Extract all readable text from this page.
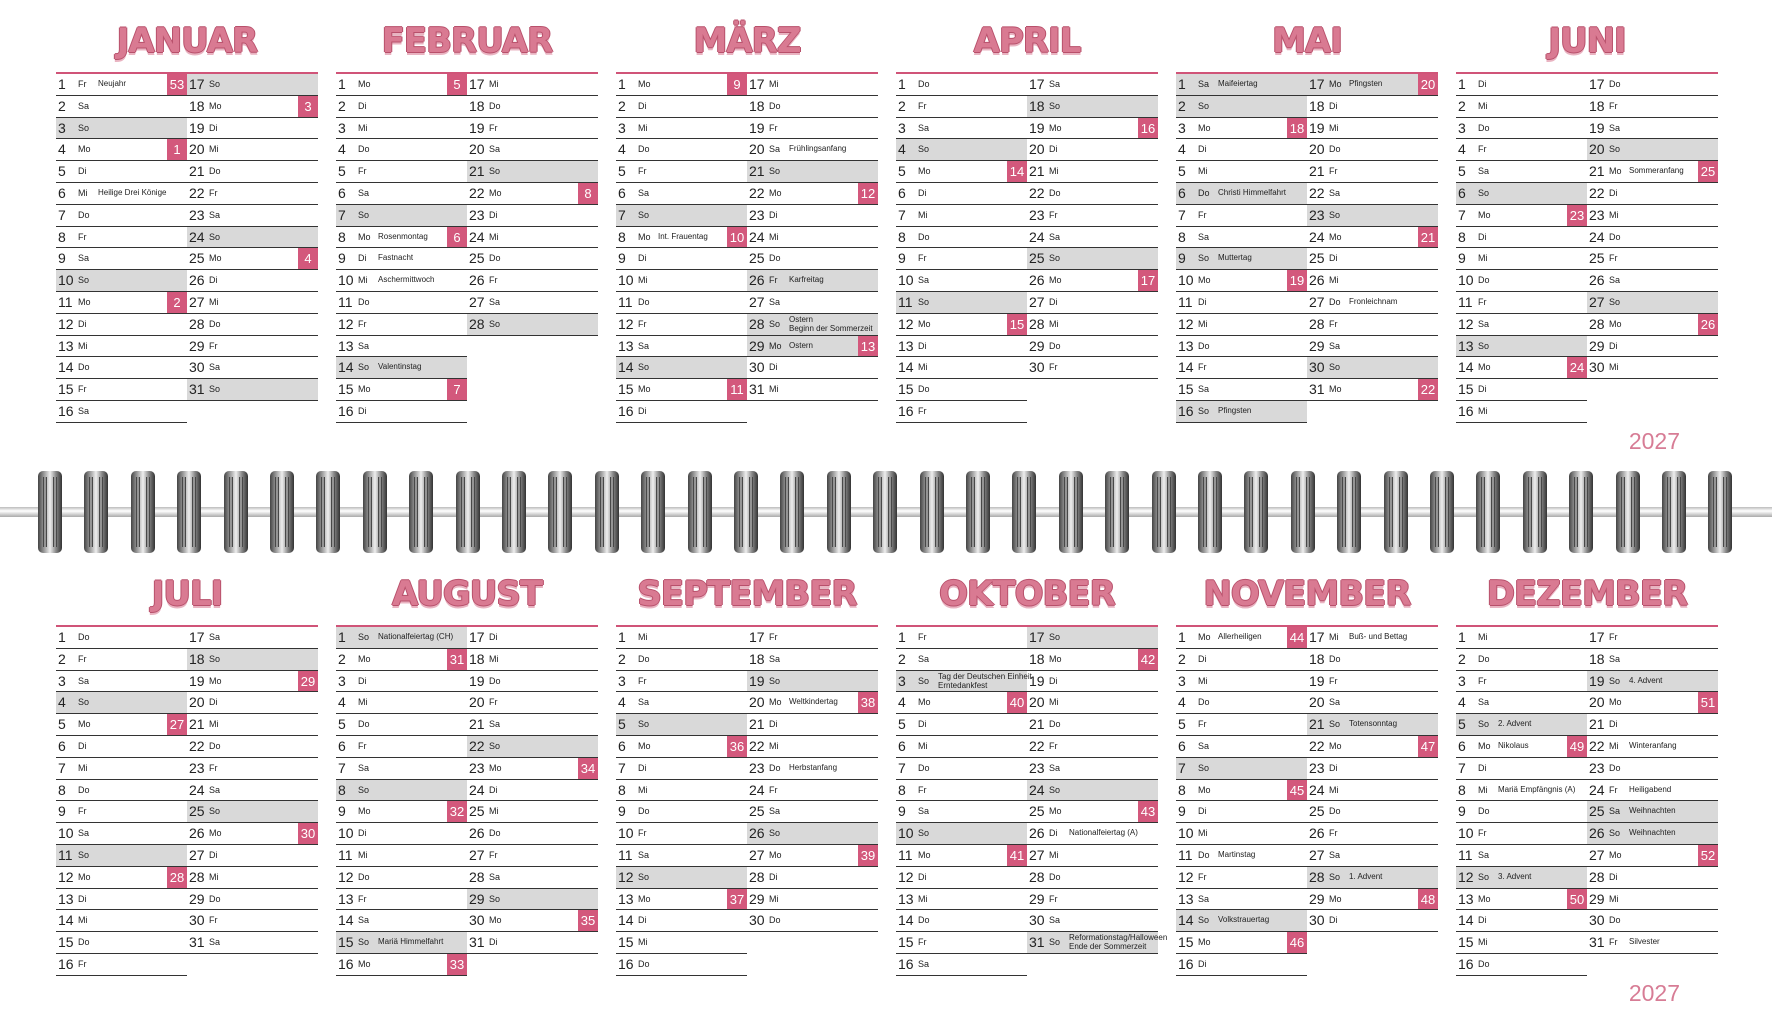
JANUAR
1 Fr Neujahr	53
2 Sa
3 So
4 Mo	1
5 Di
6 Mi Heilige Drei Könige
7 Do
8 Fr
9 Sa
10 So
11 Mo	2
12 Di
13 Mi
14 Do
15 Fr
16 Sa
17 So
18 Mo	3
19 Di
20 Mi
21 Do
22 Fr
23 Sa
24 So
25 Mo	4
26 Di
27 Mi
28 Do
29 Fr
30 Sa
31 So
FEBRUAR
1 Mo	5
2 Di
3 Mi
4 Do
5 Fr
6 Sa
7 So
8 Mo Rosenmontag	6
9 Di Fastnacht
10 Mi Aschermittwoch
11 Do
12 Fr
13 Sa
14 So Valentinstag
15 Mo	7
16 Di
17 Mi
18 Do
19 Fr
20 Sa
21 So
22 Mo	8
23 Di
24 Mi
25 Do
26 Fr
27 Sa
28 So
MÄRZ
1 Mo	9
2 Di
3 Mi
4 Do
5 Fr
6 Sa
7 So
8 Mo Int. Frauentag 10
9 Di
10 Mi
11 Do
12 Fr
13 Sa
14 So
15 Mo	11
16 Di
17 Mi
18 Do
19 Fr
20 Sa Frühlingsanfang
21 So
22 Mo	12
23 Di
24 Mi
25 Do
26 Fr Karfreitag
27 Sa
28 So Ostern
Beginn der Sommerzeit
29 Mo Ostern	13
30 Di
31 Mi
APRIL
1 Do
2 Fr
3 Sa
4 So
5 Mo	14
6 Di
7 Mi
8 Do
9 Fr
10 Sa
11 So
12 Mo	15
13 Di
14 Mi
15 Do
16 Fr
17 Sa
18 So
19 Mo	16
20 Di
21 Mi
22 Do
23 Fr
24 Sa
25 So
26 Mo	17
27 Di
28 Mi
29 Do
30 Fr
MAI
1 Sa Maifeiertag
2 So
3 Mo	18
4 Di
5 Mi
6 Do Christi Himmelfahrt
7 Fr
8 Sa
9 So Muttertag
10 Mo	19
11 Di
12 Mi
13 Do
14 Fr
15 Sa
16 So Pfingsten
17 Mo Pfingsten	20
18 Di
19 Mi
20 Do
21 Fr
22 Sa
23 So
24 Mo	21
25 Di
26 Mi
27 Do Fronleichnam
28 Fr
29 Sa
30 So
31 Mo	22
JUNI
1 Di
2 Mi
3 Do
4 Fr
5 Sa
6 So
7 Mo	23
8 Di
9 Mi
10 Do
11 Fr
12 Sa
13 So
14 Mo	24
15 Di
16 Mi
17 Do
18 Fr
19 Sa
20 So
21 Mo Sommeranfang 25
22 Di
23 Mi
24 Do
25 Fr
26 Sa
27 So
28 Mo	26
29 Di
30 Mi
2027
JULI
1 Do
2 Fr
3 Sa
4 So
5 Mo	27
6 Di
7 Mi
8 Do
9 Fr
10 Sa
11 So
12 Mo	28
13 Di
14 Mi
15 Do
16 Fr
17 Sa
18 So
19 Mo	29
20 Di
21 Mi
22 Do
23 Fr
24 Sa
25 So
26 Mo	30
27 Di
28 Mi
29 Do
30 Fr
31 Sa
AUGUST
1 So Nationalfeiertag (CH)
2 Mo	31
3 Di
4 Mi
5 Do
6 Fr
7 Sa
8 So
9 Mo	32
10 Di
11 Mi
12 Do
13 Fr
14 Sa
15 So Mariä Himmelfahrt
16 Mo	33
17 Di
18 Mi
19 Do
20 Fr
21 Sa
22 So
23 Mo	34
24 Di
25 Mi
26 Do
27 Fr
28 Sa
29 So
30 Mo	35
31 Di
SEPTEMBER
1 Mi
2 Do
3 Fr
4 Sa
5 So
6 Mo	36
7 Di
8 Mi
9 Do
10 Fr
11 Sa
12 So
13 Mo	37
14 Di
15 Mi
16 Do
17 Fr
18 Sa
19 So
20 Mo Weltkindertag 38
21 Di
22 Mi
23 Do Herbstanfang
24 Fr
25 Sa
26 So
27 Mo	39
28 Di
29 Mi
30 Do
OKTOBER
1 Fr
2 Sa
3 So Tag der Deutschen Einheit
Erntedankfest
4 Mo	40
5 Di
6 Mi
7 Do
8 Fr
9 Sa
10 So
11 Mo	41
12 Di
13 Mi
14 Do
15 Fr
16 Sa
17 So
18 Mo	42
19 Di
20 Mi
21 Do
22 Fr
23 Sa
24 So
25 Mo	43
26 Di Nationalfeiertag (A)
27 Mi
28 Do
29 Fr
30 Sa
31 So Reformationstag/Halloween
Ende der Sommerzeit
NOVEMBER
1 Mo Allerheiligen 44
2 Di
3 Mi
4 Do
5 Fr
6 Sa
7 So
8 Mo	45
9 Di
10 Mi
11 Do Martinstag
12 Fr
13 Sa
14 So Volkstrauertag
15 Mo	46
16 Di
17 Mi Buß- und Bettag
18 Do
19 Fr
20 Sa
21 So Totensonntag
22 Mo	47
23 Di
24 Mi
25 Do
26 Fr
27 Sa
28 So 1. Advent
29 Mo	48
30 Di
DEZEMBER
1 Mi
2 Do
3 Fr
4 Sa
5 So 2. Advent
6 Mo Nikolaus	49
7 Di
8 Mi Mariä Empfängnis (A)
9 Do
10 Fr
11 Sa
12 So 3. Advent
13 Mo	50
14 Di
15 Mi
16 Do
17 Fr
18 Sa
19 So 4. Advent
20 Mo	51
21 Di
22 Mi Winteranfang
23 Do
24 Fr Heiligabend
25 Sa Weihnachten
26 So Weihnachten
27 Mo	52
28 Di
29 Mi
30 Do
31 Fr Silvester
2027
